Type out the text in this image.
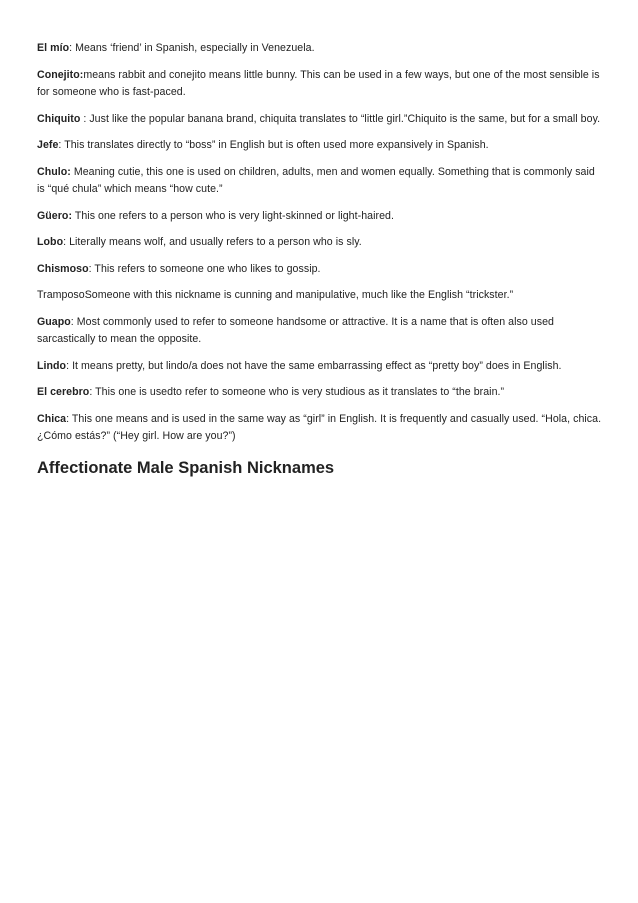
El mío: Means ‘friend’ in Spanish, especially in Venezuela.

Conejito:means rabbit and conejito means little bunny. This can be used in a few ways, but one of the most sensible is for someone who is fast-paced.

Chiquito : Just like the popular banana brand, chiquita translates to “little girl.”Chiquito is the same, but for a small boy.

Jefe: This translates directly to “boss” in English but is often used more expansively in Spanish.

Chulo: Meaning cutie, this one is used on children, adults, men and women equally. Something that is commonly said is “qué chula” which means “how cute.”

Güero: This one refers to a person who is very light-skinned or light-haired.

Lobo: Literally means wolf, and usually refers to a person who is sly.

Chismoso: This refers to someone one who likes to gossip.

TramposoSomeone with this nickname is cunning and manipulative, much like the English “trickster.”

Guapo: Most commonly used to refer to someone handsome or attractive. It is a name that is often also used sarcastically to mean the opposite.

Lindo: It means pretty, but lindo/a does not have the same embarrassing effect as “pretty boy” does in English.

El cerebro: This one is usedto refer to someone who is very studious as it translates to “the brain.”

Chica: This one means and is used in the same way as “girl” in English. It is frequently and casually used. “Hola, chica. ¿Cómo estás?” (“Hey girl. How are you?”)

Affectionate Male Spanish Nicknames
